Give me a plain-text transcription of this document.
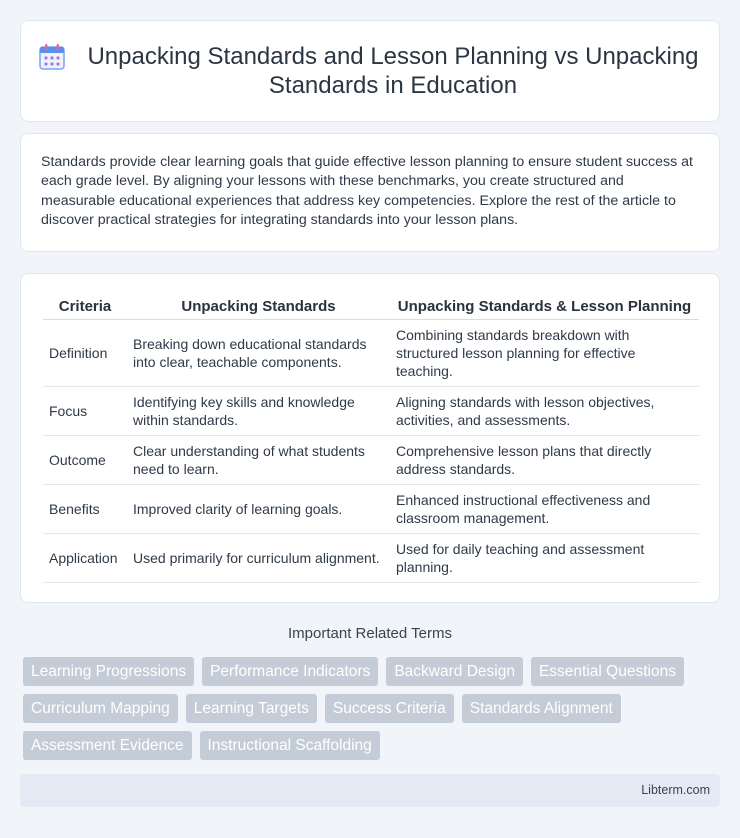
Unpacking Standards and Lesson Planning vs Unpacking Standards in Education

Standards provide clear learning goals that guide effective lesson planning to ensure student success at each grade level. By aligning your lessons with these benchmarks, you create structured and measurable educational experiences that address key competencies. Explore the rest of the article to discover practical strategies for integrating standards into your lesson plans.

Criteria	Unpacking Standards	Unpacking Standards & Lesson Planning
Definition	Breaking down educational standards into clear, teachable components.	Combining standards breakdown with structured lesson planning for effective teaching.
Focus	Identifying key skills and knowledge within standards.	Aligning standards with lesson objectives, activities, and assessments.
Outcome	Clear understanding of what students need to learn.	Comprehensive lesson plans that directly address standards.
Benefits	Improved clarity of learning goals.	Enhanced instructional effectiveness and classroom management.
Application	Used primarily for curriculum alignment.	Used for daily teaching and assessment planning.
Important Related Terms
Learning Progressions	Performance Indicators	Backward Design	Essential Questions
Curriculum Mapping	Learning Targets	Success Criteria	Standards Alignment
Assessment Evidence	Instructional Scaffolding
Libterm.com
